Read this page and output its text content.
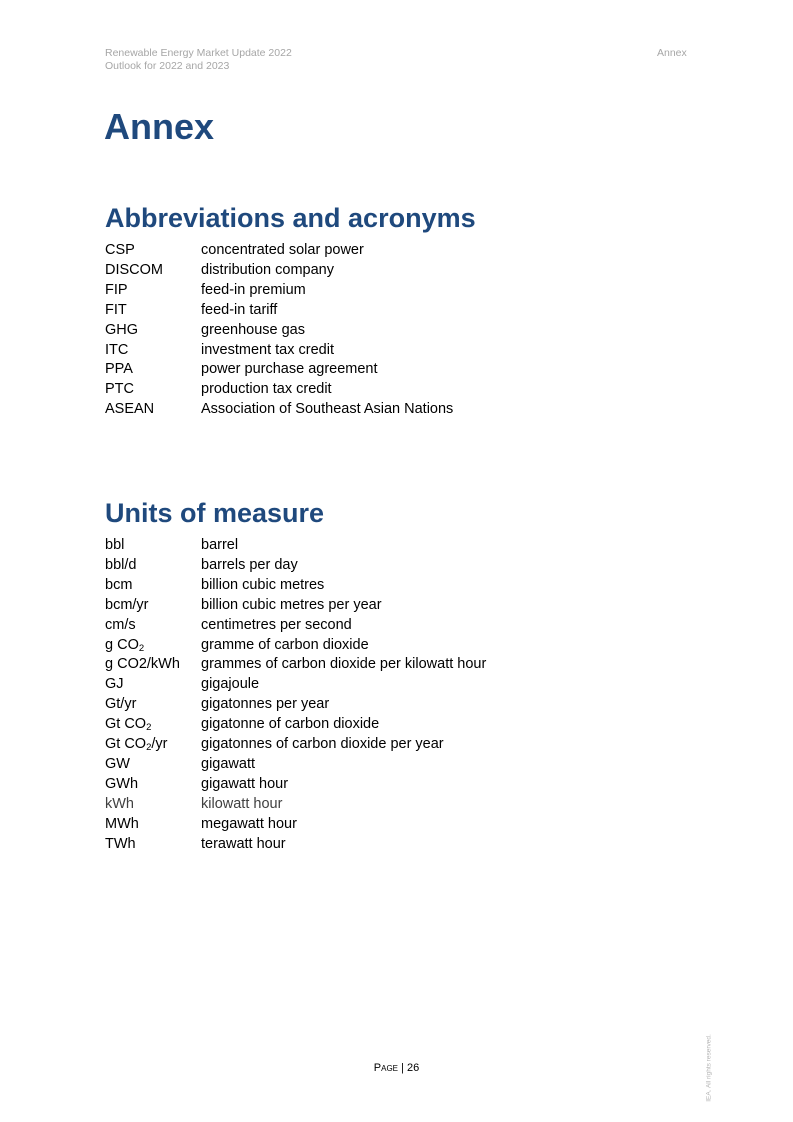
Renewable Energy Market Update 2022
Outlook for 2022 and 2023
Annex
Annex
Abbreviations and acronyms
CSP	concentrated solar power
DISCOM	distribution company
FIP	feed-in premium
FIT	feed-in tariff
GHG	greenhouse gas
ITC	investment tax credit
PPA	power purchase agreement
PTC	production tax credit
ASEAN	Association of Southeast Asian Nations
Units of measure
bbl	barrel
bbl/d	barrels per day
bcm	billion cubic metres
bcm/yr	billion cubic metres per year
cm/s	centimetres per second
g $CO_2$	gramme of carbon dioxide
g CO2/kWh	grammes of carbon dioxide per kilowatt hour
GJ	gigajoule
Gt/yr	gigatonnes per year
Gt $CO_2$	gigatonne of carbon dioxide
Gt $CO_2/yr$	gigatonnes of carbon dioxide per year
GW	gigawatt
GWh	gigawatt hour
kWh	kilowatt hour
MWh	megawatt hour
TWh	terawatt hour
Page | 26	IEA. All rights reserved.
